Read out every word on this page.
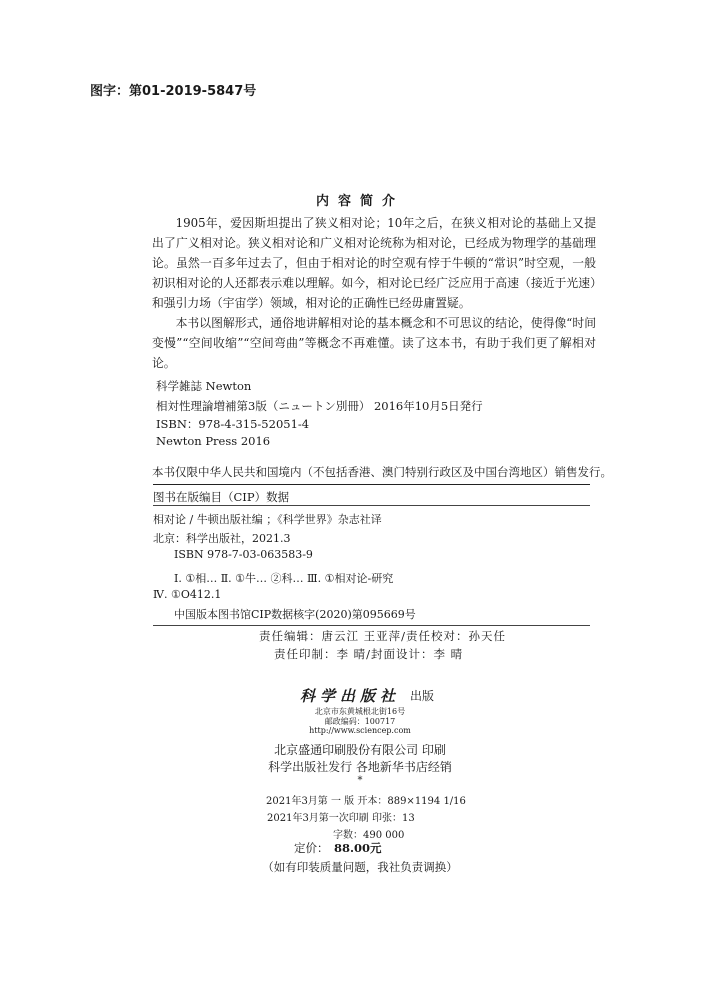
图字：第01-2019-5847号
内容简介

1905年，爱因斯坦提出了狭义相对论；10年之后，在狭义相对论的基础上又提出了广义相对论。狭义相对论和广义相对论统称为相对论，已经成为物理学的基础理论。虽然一百多年过去了，但由于相对论的时空观有悖于牛顿的“常识”时空观，一般初识相对论的人还都表示难以理解。如今，相对论已经广泛应用于高速（接近于光速）和强引力场（宇宙学）领域，相对论的正确性已经毋庸置疑。

本书以图解形式，通俗地讲解相对论的基本概念和不可思议的结论，使得像“时间变慢”“空间收缩”“空间弯曲”等概念不再难懂。读了这本书，有助于我们更了解相对论。

科学雑誌 Newton
相対性理論増補第3版（ニュートン別冊） 2016年10月5日発行
ISBN：978-4-315-52051-4
Newton Press 2016
本书仅限中华人民共和国境内（不包括香港、澳门特别行政区及中国台湾地区）销售发行。
图书在版编目（CIP）数据
相对论 / 牛顿出版社编 ；《科学世界》杂志社译
北京：科学出版社，2021.3
ISBN 978-7-03-063583-9
Ⅰ. ①相… Ⅱ. ①牛… ②科… Ⅲ. ①相对论-研究
Ⅳ. ①O412.1
中国版本图书馆CIP数据核字(2020)第095669号
责任编辑：唐云江 王亚萍/责任校对：孙天任
责任印制：李 晴/封面设计：李 晴
科学出版社 出版
北京市东黄城根北街16号
邮政编码：100717
http://www.sciencep.com
北京盛通印刷股份有限公司 印刷
科学出版社发行 各地新华书店经销
*
2021年3月第 一 版 开本：889×1194 1/16
2021年3月第一次印刷 印张：13
字数：490 000
定价： 88.00元
（如有印装质量问题，我社负责调换）
